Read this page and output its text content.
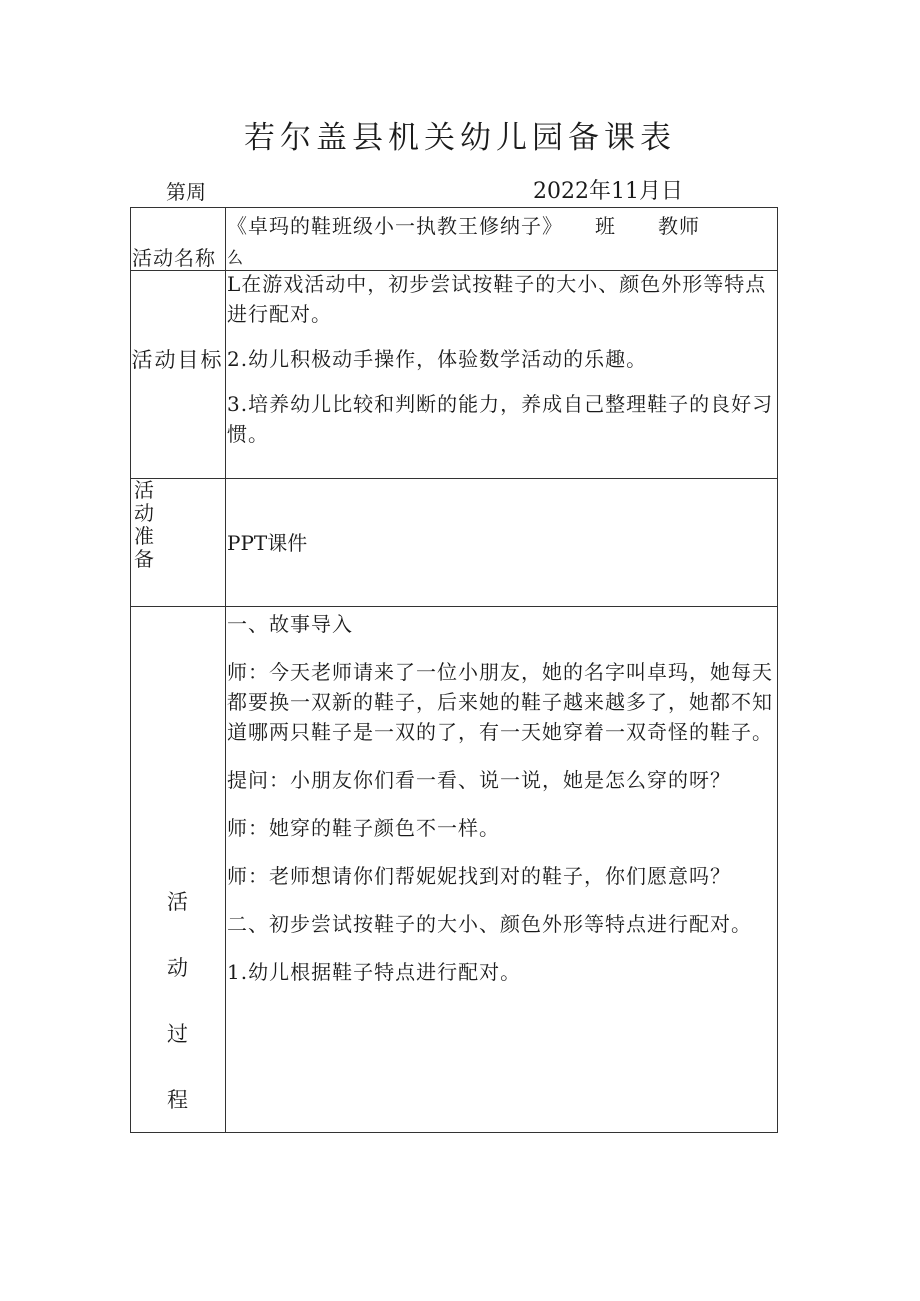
若尔盖县机关幼儿园备课表
第周	2022年11月日
活动名称
《卓玛的鞋班级小一执教王修纳子》　　班　　教师
么
活动目标

L在游戏活动中，初步尝试按鞋子的大小、颜色外形等特点进行配对。

2.幼儿积极动手操作，体验数学活动的乐趣。

3.培养幼儿比较和判断的能力，养成自己整理鞋子的良好习惯。

活动准备
PPT课件
活
动
过
程

一、故事导入

师：今天老师请来了一位小朋友，她的名字叫卓玛，她每天都要换一双新的鞋子，后来她的鞋子越来越多了，她都不知道哪两只鞋子是一双的了，有一天她穿着一双奇怪的鞋子。

提问：小朋友你们看一看、说一说，她是怎么穿的呀？

师：她穿的鞋子颜色不一样。

师：老师想请你们帮妮妮找到对的鞋子，你们愿意吗？

二、初步尝试按鞋子的大小、颜色外形等特点进行配对。

1.幼儿根据鞋子特点进行配对。
